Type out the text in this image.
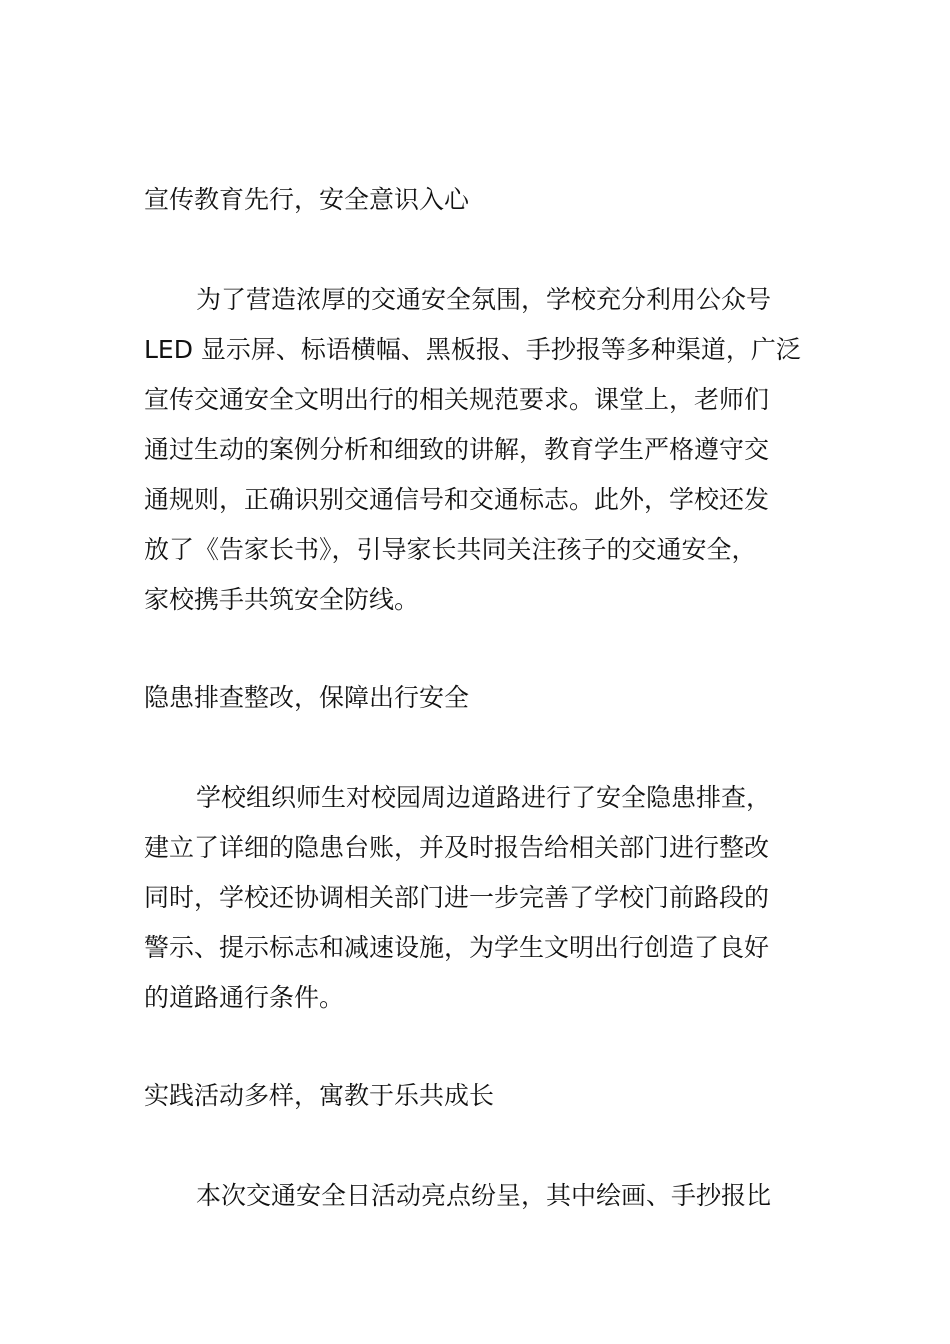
宣传教育先行，安全意识入心
为了营造浓厚的交通安全氛围，学校充分利用公众号
LED 显示屏、标语横幅、黑板报、手抄报等多种渠道，广泛
宣传交通安全文明出行的相关规范要求。课堂上，老师们
通过生动的案例分析和细致的讲解，教育学生严格遵守交
通规则，正确识别交通信号和交通标志。此外，学校还发
放了《告家长书》，引导家长共同关注孩子的交通安全，
家校携手共筑安全防线。
隐患排查整改，保障出行安全
学校组织师生对校园周边道路进行了安全隐患排查，
建立了详细的隐患台账，并及时报告给相关部门进行整改
同时，学校还协调相关部门进一步完善了学校门前路段的
警示、提示标志和减速设施，为学生文明出行创造了良好
的道路通行条件。
实践活动多样，寓教于乐共成长
本次交通安全日活动亮点纷呈，其中绘画、手抄报比
